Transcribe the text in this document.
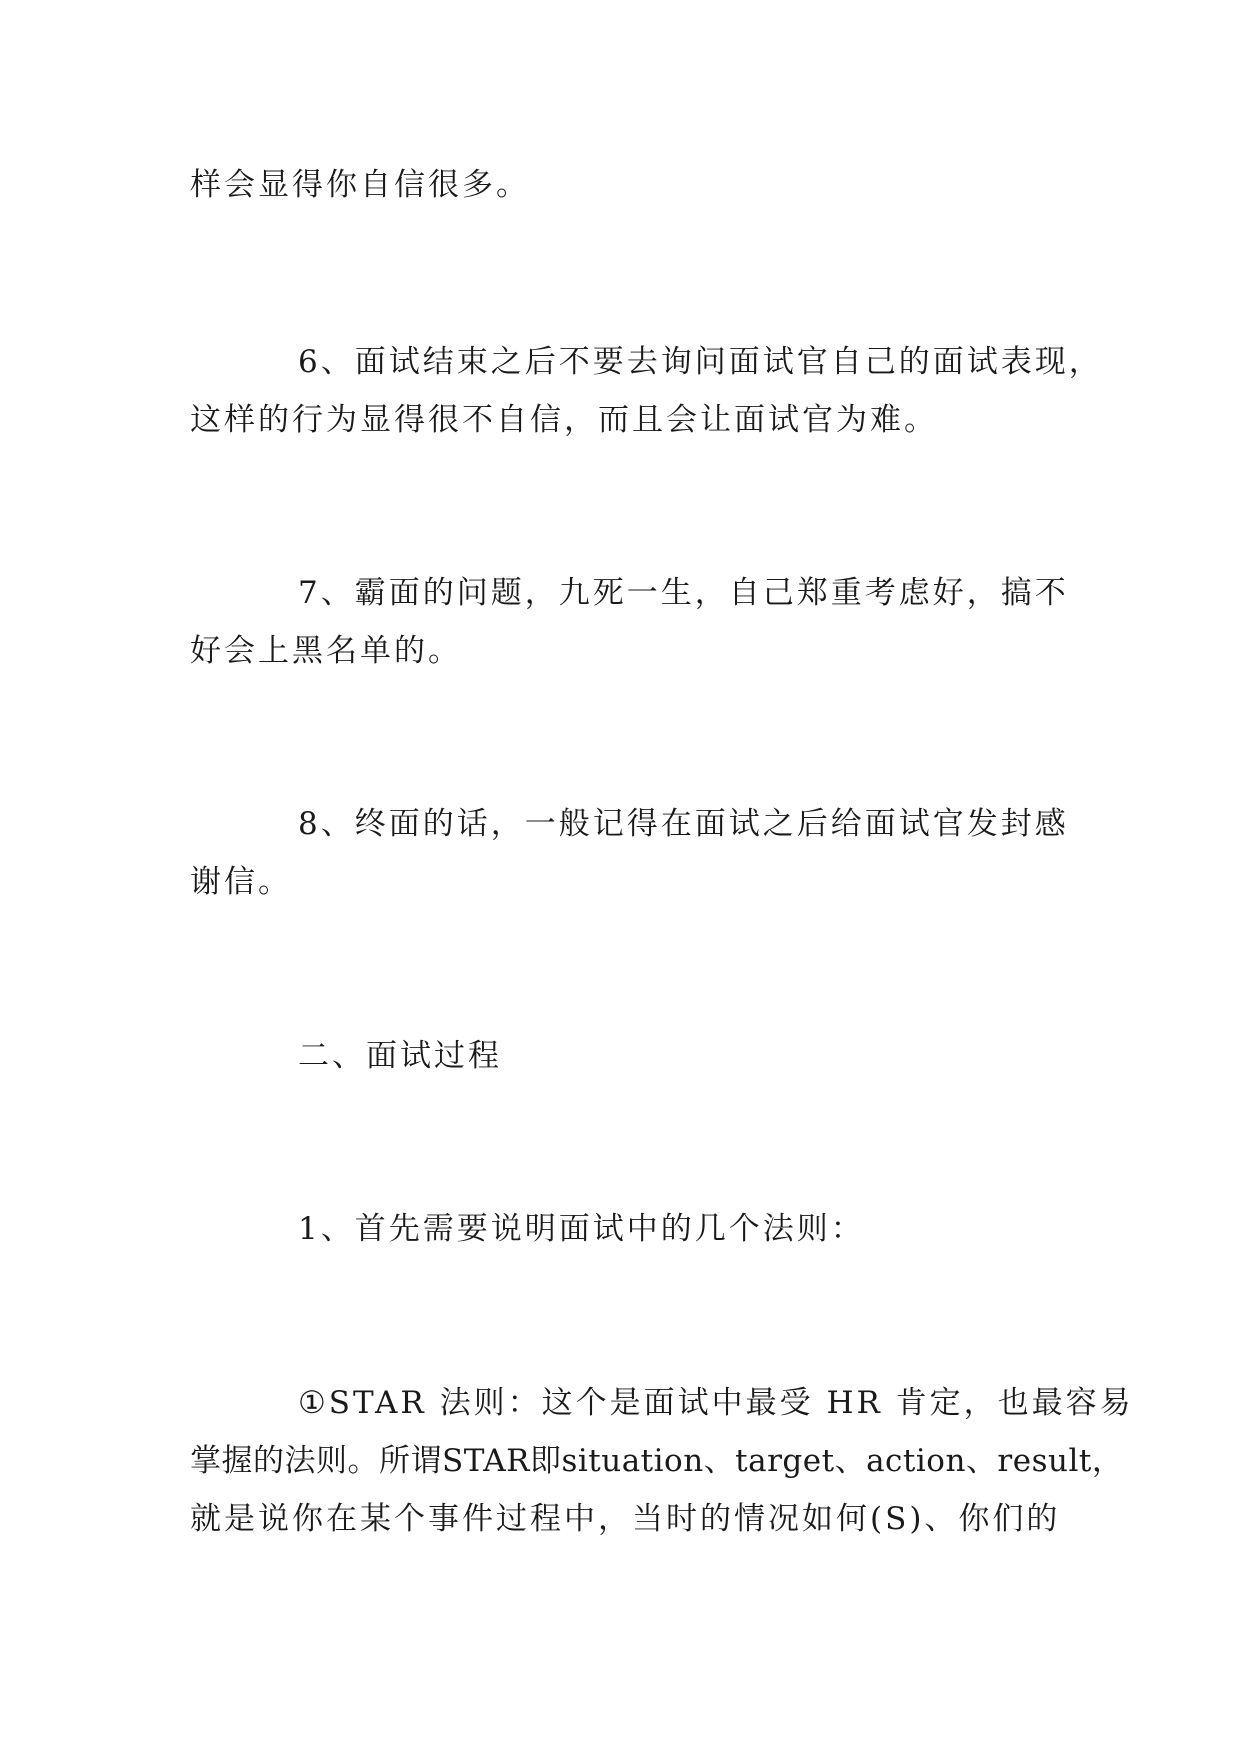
样会显得你自信很多。
6、面试结束之后不要去询问面试官自己的面试表现，
这样的行为显得很不自信，而且会让面试官为难。
7、霸面的问题，九死一生，自己郑重考虑好，搞不
好会上黑名单的。
8、终面的话，一般记得在面试之后给面试官发封感
谢信。
二、面试过程
1、首先需要说明面试中的几个法则：
①STAR 法则：这个是面试中最受 HR 肯定，也最容易
掌握的法则。所谓STAR即situation、target、action、result，
就是说你在某个事件过程中，当时的情况如何(S)、你们的
